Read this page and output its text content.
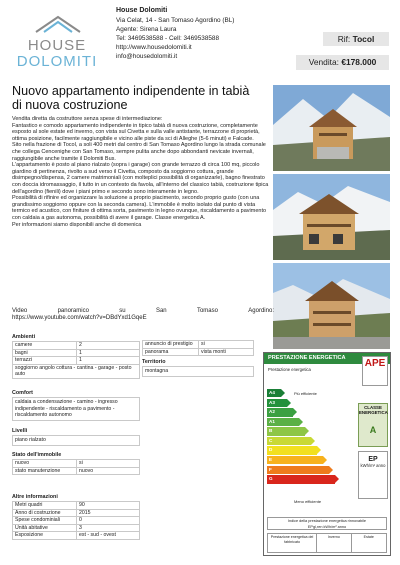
HOUSE
DOLOMITI
House Dolomiti
Via Celat, 14 - San Tomaso Agordino (BL)
Agente: Sirena Laura
Tel: 3469538588 - Cell: 3469538588
http://www.housedolomiti.it
info@housedolomiti.it
Rif: Tocol
Vendita: €178.000
Nuovo appartamento indipendente in tabià di nuova costruzione

Vendita diretta da costruttore senza spese di intermediazione:

Fantastico e comodo appartamento indipendente in tipico tabià di nuova costruzione, completamente esposto al sole estate ed inverno, con vista sul Civetta e sulla valle antistante, terrazzone di proprietà, ottima posizione, facilmente raggiungibile e vicino alle piste da sci di Alleghe (5-6 minuti) e Falcade.

Sito nella frazione di Tocol, a soli 400 metri dal centro di San Tomaso Agordino lungo la strada comunale che collega Cencenighe con San Tomaso, sempre pulita anche dopo abbondanti nevicate invernali, raggiungibile anche tramite il Dolomiti Bus.

L'appartamento è posto al piano rialzato (sopra i garage) con grande terrazzo di circa 100 mq, piccolo giardino di pertinenza, rivolto a sud verso il Civetta, composto da soggiorno cottura, grande disimpegno/dispensa, 2 camere matrimoniali (con molteplici possibilità di organizzarle), bagno finestrato con doccia idromassaggio, il tutto in un contesto da favola, all'interno del classico tabià, costruzione tipica dell'agordino (fienili) dove i piani primo e secondo sono interamente in legno.

Possibilità di rifinire ed organizzare la soluzione a proprio piacimento, secondo proprio gusto (con una grandissimo soggiorno oppure con la seconda camera). L'immobile è molto isolato dal punto di vista termico ed acustico, con finiture di ottima sorta, pavimento in legno ovunque, riscaldamento a pavimento con caldaia a gas autonoma, possibilità di avere il garage. Classe energetica A.

Per informazioni siamo disponibili anche di domenica

Video	panoramico	su	San	Tomaso	Agordino:
https://www.youtube.com/watch?v=DBdYxd1GqeE
Ambienti
camere	2
bagni	1
terrazzi	1
soggiorno angolo cottura - cantina - garage - posto auto	
annuncio di prestigio	si
panorama	vista monti
Territorio
montagna
Comfort
caldaia a condensazione - camino - ingresso indipendente - riscaldamento a pavimento - riscaldamento autonomo
Livelli
piano rialzato
Stato dell'immobile
nuovo	si
stato manutenzione	nuovo
Altre informazioni
Metri quadri	90
Anno di costruzione	2015
Spese condominiali	0
Unità abitative	3
Esposizione	est - sud - ovest
PRESTAZIONE ENERGETICA	APE
Prestazione energetica
Più efficiente
A4
A3
A2
A1
B
C
D
E
F
G
Meno efficiente
CLASSE ENERGETICA
A
EP
kWh/m² anno
Indice della prestazione energetica rinnovabile
EPgl,ren kWh/m² anno
Prestazione energetica del fabbricato
Inverno	Estate
